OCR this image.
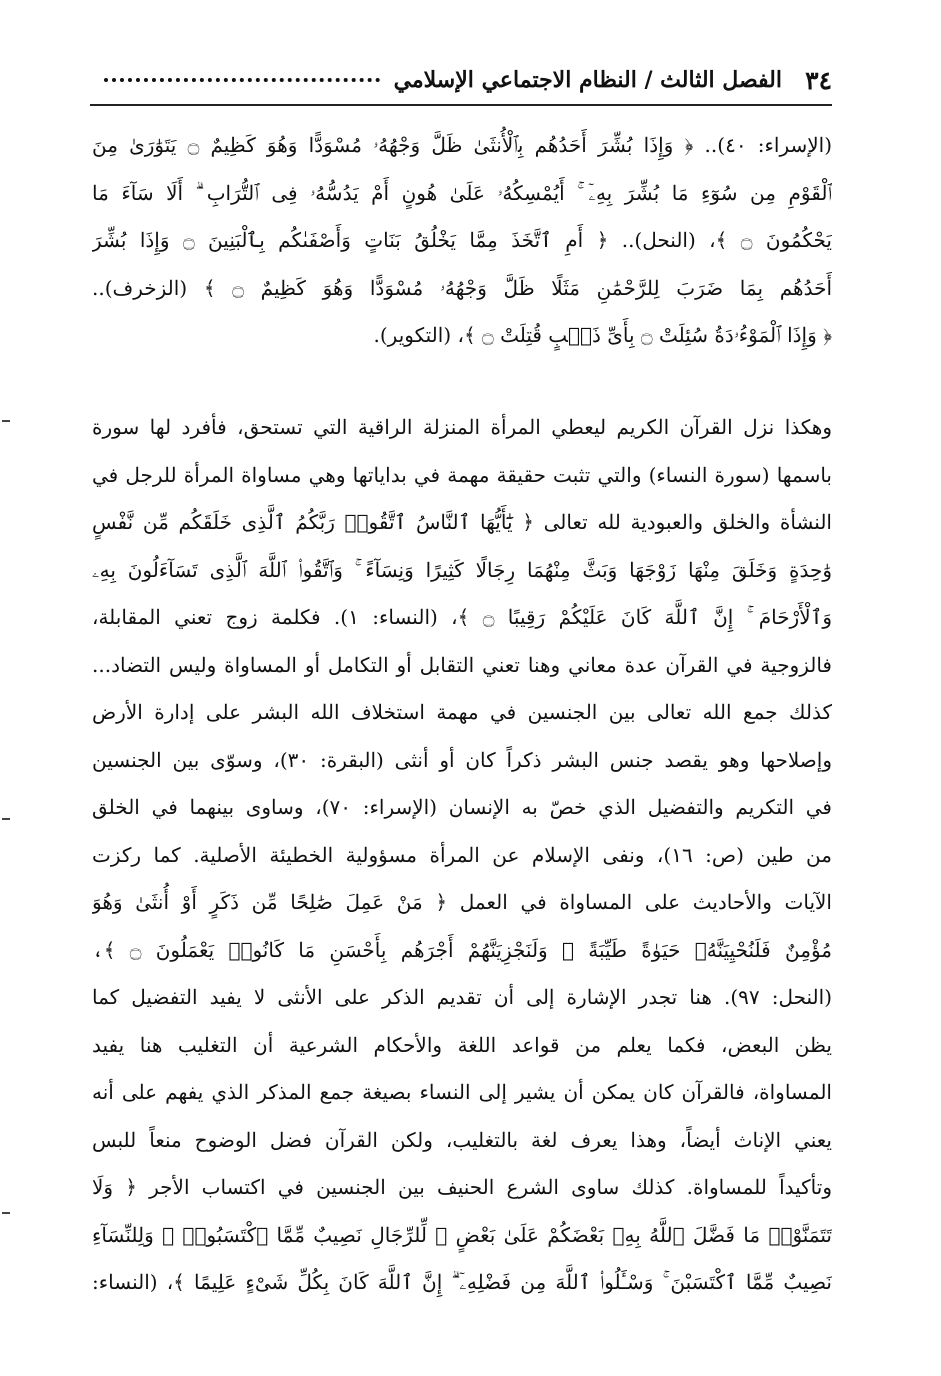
٣٤
الفصل الثالث / النظام الاجتماعي الإسلامي
(الإسراء: ٤٠).. ﴿ وَإِذَا بُشِّرَ أَحَدُهُم بِٱلْأُنثَىٰ ظَلَّ وَجْهُهُۥ مُسْوَدًّا وَهُوَ كَظِيمٌ ۝ يَتَوَٰرَىٰ مِنَ
ٱلْقَوْمِ مِن سُوٓءِ مَا بُشِّرَ بِهِۦٓ ۚ أَيُمْسِكُهُۥ عَلَىٰ هُونٍ أَمْ يَدُسُّهُۥ فِى ٱلتُّرَابِ ۗ أَلَا سَآءَ مَا
يَحْكُمُونَ ۝ ﴾، (النحل).. ﴿ أَمِ ٱتَّخَذَ مِمَّا يَخْلُقُ بَنَاتٍ وَأَصْفَىٰكُم بِٱلْبَنِينَ ۝ وَإِذَا بُشِّرَ
أَحَدُهُم بِمَا ضَرَبَ لِلرَّحْمَٰنِ مَثَلًا ظَلَّ وَجْهُهُۥ مُسْوَدًّا وَهُوَ كَظِيمٌ ۝ ﴾ (الزخرف)..
﴿ وَإِذَا ٱلْمَوْءُۥدَةُ سُئِلَتْ ۝ بِأَىِّ ذَنۢبٍ قُتِلَتْ ۝ ﴾، (التكوير).
وهكذا نزل القرآن الكريم ليعطي المرأة المنزلة الراقية التي تستحق، فأفرد لها سورة
باسمها (سورة النساء) والتي تثبت حقيقة مهمة في بداياتها وهي مساواة المرأة للرجل في
النشأة والخلق والعبودية لله تعالى ﴿ يَٰٓأَيُّهَا ٱلنَّاسُ ٱتَّقُوا۟ رَبَّكُمُ ٱلَّذِى خَلَقَكُم مِّن نَّفْسٍ
وَٰحِدَةٍ وَخَلَقَ مِنْهَا زَوْجَهَا وَبَثَّ مِنْهُمَا رِجَالًا كَثِيرًا وَنِسَآءً ۚ وَٱتَّقُوا۟ ٱللَّهَ ٱلَّذِى تَسَآءَلُونَ بِهِۦ
وَٱلْأَرْحَامَ ۚ إِنَّ ٱللَّهَ كَانَ عَلَيْكُمْ رَقِيبًا ۝ ﴾، (النساء: ١). فكلمة زوج تعني المقابلة،
فالزوجية في القرآن عدة معاني وهنا تعني التقابل أو التكامل أو المساواة وليس التضاد...
كذلك جمع الله تعالى بين الجنسين في مهمة استخلاف الله البشر على إدارة الأرض
وإصلاحها وهو يقصد جنس البشر ذكراً كان أو أنثى (البقرة: ٣٠)، وسوّى بين الجنسين
في التكريم والتفضيل الذي خصّ به الإنسان (الإسراء: ٧٠)، وساوى بينهما في الخلق
من طين (ص: ١٦)، ونفى الإسلام عن المرأة مسؤولية الخطيئة الأصلية. كما ركزت
الآيات والأحاديث على المساواة في العمل ﴿ مَنْ عَمِلَ صَٰلِحًا مِّن ذَكَرٍ أَوْ أُنثَىٰ وَهُوَ
مُؤْمِنٌ فَلَنُحْيِيَنَّهُۥ حَيَوٰةً طَيِّبَةً ۖ وَلَنَجْزِيَنَّهُمْ أَجْرَهُم بِأَحْسَنِ مَا كَانُوا۟ يَعْمَلُونَ ۝ ﴾،
(النحل: ٩٧). هنا تجدر الإشارة إلى أن تقديم الذكر على الأنثى لا يفيد التفضيل كما
يظن البعض، فكما يعلم من قواعد اللغة والأحكام الشرعية أن التغليب هنا يفيد
المساواة، فالقرآن كان يمكن أن يشير إلى النساء بصيغة جمع المذكر الذي يفهم على أنه
يعني الإناث أيضاً، وهذا يعرف لغة بالتغليب، ولكن القرآن فضل الوضوح منعاً للبس
وتأكيداً للمساواة. كذلك ساوى الشرع الحنيف بين الجنسين في اكتساب الأجر ﴿ وَلَا
تَتَمَنَّوْا۟ مَا فَضَّلَ ٱللَّهُ بِهِۦ بَعْضَكُمْ عَلَىٰ بَعْضٍ ۚ لِّلرِّجَالِ نَصِيبٌ مِّمَّا ٱكْتَسَبُوا۟ ۖ وَلِلنِّسَآءِ
نَصِيبٌ مِّمَّا ٱكْتَسَبْنَ ۚ وَسْـَٔلُوا۟ ٱللَّهَ مِن فَضْلِهِۦٓ ۗ إِنَّ ٱللَّهَ كَانَ بِكُلِّ شَىْءٍ عَلِيمًا ﴾، (النساء:
